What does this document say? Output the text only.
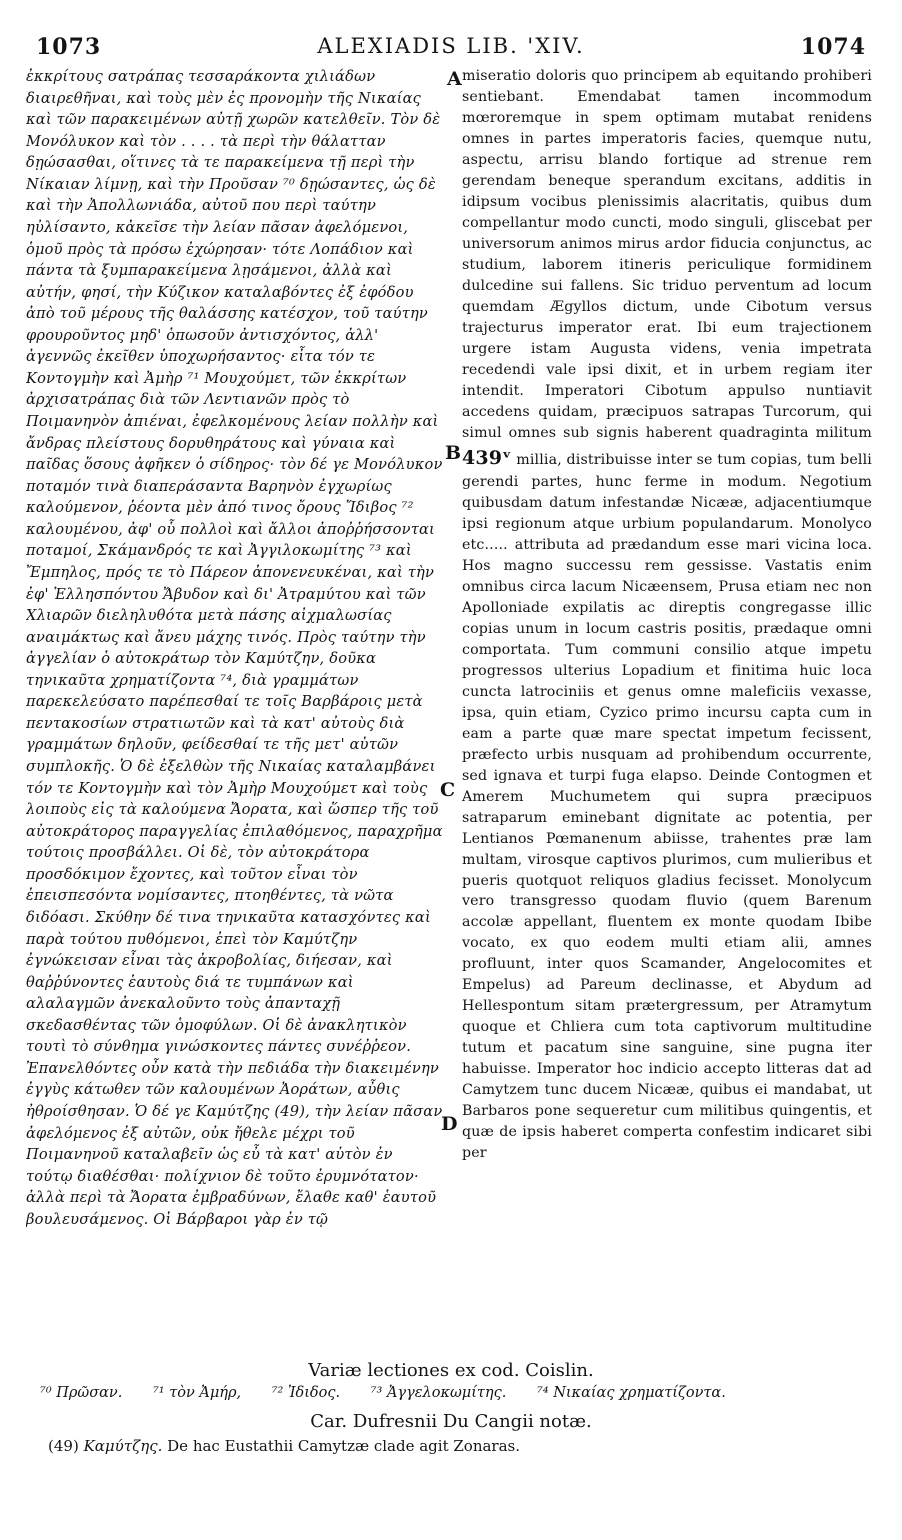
1073	ALEXIADIS LIB. 'XIV.	1074

ἐκκρίτους σατράπας τεσσαράκοντα χιλιάδων διαιρεθῆναι, καὶ τοὺς μὲν ἐς προνομὴν τῆς Νικαίας καὶ τῶν παρακειμένων αὐτῇ χωρῶν κατελθεῖν. Τὸν δὲ Μονόλυκον καὶ τὸν . . . . τὰ περὶ τὴν θάλατταν δῃώσασθαι, οἵτινες τὰ τε παρακείμενα τῇ περὶ τὴν Νίκαιαν λίμνῃ, καὶ τὴν Προῦσαν ⁷⁰ δῃώσαντες, ὡς δὲ καὶ τὴν Ἀπολλωνιάδα, αὐτοῦ που περὶ ταύτην ηὐλίσαντο, κἀκεῖσε τὴν λείαν πᾶσαν ἀφελόμενοι, ὁμοῦ πρὸς τὰ πρόσω ἐχώρησαν· τότε Λοπάδιον καὶ πάντα τὰ ξυμπαρακείμενα λῃσάμενοι, ἀλλὰ καὶ αὐτήν, φησί, τὴν Κύζικον καταλαβόντες ἐξ ἐφόδου ἀπὸ τοῦ μέρους τῆς θαλάσσης κατέσχον, τοῦ ταύτην φρουροῦντος μηδ' ὁπωσοῦν ἀντισχόντος, ἀλλ' ἀγεννῶς ἐκεῖθεν ὑποχωρήσαντος· εἶτα τόν τε Κοντογμὴν καὶ Ἀμὴρ ⁷¹ Μουχούμετ, τῶν ἐκκρίτων ἀρχισατράπας διὰ τῶν Λεντιανῶν πρὸς τὸ Ποιμανηνὸν ἀπιέναι, ἐφελκομένους λείαν πολλὴν καὶ ἄνδρας πλείστους δορυθηράτους καὶ γύναια καὶ παῖδας ὅσους ἀφῆκεν ὁ σίδηρος· τὸν δέ γε Μονόλυκον ποταμόν τινὰ διαπεράσαντα Βαρηνὸν ἐγχωρίως καλούμενον, ῥέοντα μὲν ἀπό τινος ὄρους Ἴδιβος ⁷² καλουμένου, ἀφ' οὗ πολλοὶ καὶ ἄλλοι ἀποῤῥήσσονται ποταμοί, Σκάμανδρός τε καὶ Ἀγγιλοκωμίτης ⁷³ καὶ Ἔμπηλος, πρός τε τὸ Πάρεον ἀπονενευκέναι, καὶ τὴν ἐφ' Ἑλλησπόντου Ἄβυδον καὶ δι' Ἀτραμύτου καὶ τῶν Χλιαρῶν διεληλυθότα μετὰ πάσης αἰχμαλωσίας αναιμάκτως καὶ ἄνευ μάχης τινός. Πρὸς ταύτην τὴν ἀγγελίαν ὁ αὐτοκράτωρ τὸν Καμύτζην, δοῦκα τηνικαῦτα χρηματίζοντα ⁷⁴, διὰ γραμμάτων παρεκελεύσατο παρέπεσθαί τε τοῖς Βαρβάροις μετὰ πεντακοσίων στρατιωτῶν καὶ τὰ κατ' αὐτοὺς διὰ γραμμάτων δηλοῦν, φείδεσθαί τε τῆς μετ' αὐτῶν συμπλοκῆς. Ὁ δὲ ἐξελθὼν τῆς Νικαίας καταλαμβάνει τόν τε Κοντογμὴν καὶ τὸν Ἀμὴρ Μουχούμετ καὶ τοὺς λοιποὺς εἰς τὰ καλούμενα Ἄορατα, καὶ ὥσπερ τῆς τοῦ αὐτοκράτορος παραγγελίας ἐπιλαθόμενος, παραχρῆμα τούτοις προσβάλλει. Οἱ δὲ, τὸν αὐτοκράτορα προσδόκιμον ἔχοντες, καὶ τοῦτον εἶναι τὸν ἐπεισπεσόντα νομίσαντες, πτοηθέντες, τὰ νῶτα διδόασι. Σκύθην δέ τινα τηνικαῦτα κατασχόντες καὶ παρὰ τούτου πυθόμενοι, ἐπεὶ τὸν Καμύτζην ἐγνώκεισαν εἶναι τὰς ἀκροβολίας, διήεσαν, καὶ θαῤῥύνοντες ἑαυτοὺς διά τε τυμπάνων καὶ αλαλαγμῶν ἀνεκαλοῦντο τοὺς ἀπανταχῇ σκεδασθέντας τῶν ὁμοφύλων. Οἱ δὲ ἀνακλητικὸν τουτὶ τὸ σύνθημα γινώσκοντες πάντες συνέῤῥεον. Ἐπανελθόντες οὖν κατὰ τὴν πεδιάδα τὴν διακειμένην ἐγγὺς κάτωθεν τῶν καλουμένων Ἀοράτων, αὖθις ἠθροίσθησαν. Ὁ δέ γε Καμύτζης (49), τὴν λείαν πᾶσαν ἀφελόμενος ἐξ αὐτῶν, οὐκ ἤθελε μέχρι τοῦ Ποιμανηνοῦ καταλαβεῖν ὡς εὖ τὰ κατ' αὐτὸν ἐν τούτῳ διαθέσθαι· πολίχνιον δὲ τοῦτο ἐρυμνότατον· ἀλλὰ περὶ τὰ Ἄορατα ἐμβραδύνων, ἔλαθε καθ' ἑαυτοῦ βουλευσάμενος. Οἱ Βάρβαροι γὰρ ἐν τῷ

A
B
C
D

miseratio doloris quo principem ab equitando prohiberi sentiebant. Emendabat tamen incommodum mœroremque in spem optimam mutabat renidens omnes in partes imperatoris facies, quemque nutu, aspectu, arrisu blando fortique ad strenue rem gerendam beneque sperandum excitans, additis in idipsum vocibus plenissimis alacritatis, quibus dum compellantur modo cuncti, modo singuli, gliscebat per universorum animos mirus ardor fiducia conjunctus, ac studium, laborem itineris periculique formidinem dulcedine sui fallens. Sic triduo perventum ad locum quemdam Ægyllos dictum, unde Cibotum versus trajecturus imperator erat. Ibi eum trajectionem urgere istam Augusta videns, venia impetrata recedendi vale ipsi dixit, et in urbem regiam iter intendit. Imperatori Cibotum appulso nuntiavit accedens quidam, præcipuos satrapas Turcorum, qui simul omnes sub signis haberent quadraginta militum 439ᵛ millia, distribuisse inter se tum copias, tum belli gerendi partes, hunc ferme in modum. Negotium quibusdam datum infestandæ Nicææ, adjacentiumque ipsi regionum atque urbium populandarum. Monolyco etc..... attributa ad prædandum esse mari vicina loca. Hos magno successu rem gessisse. Vastatis enim omnibus circa lacum Nicæensem, Prusa etiam nec non Apolloniade expilatis ac direptis congregasse illic copias unum in locum castris positis, prædaque omni comportata. Tum communi consilio atque impetu progressos ulterius Lopadium et finitima huic loca cuncta latrociniis et genus omne maleficiis vexasse, ipsa, quin etiam, Cyzico primo incursu capta cum in eam a parte quæ mare spectat impetum fecissent, præfecto urbis nusquam ad prohibendum occurrente, sed ignava et turpi fuga elapso. Deinde Contogmen et Amerem Muchumetem qui supra præcipuos satraparum eminebant dignitate ac potentia, per Lentianos Pœmanenum abiisse, trahentes præ lam multam, virosque captivos plurimos, cum mulieribus et pueris quotquot reliquos gladius fecisset. Monolycum vero transgresso quodam fluvio (quem Barenum accolæ appellant, fluentem ex monte quodam Ibibe vocato, ex quo eodem multi etiam alii, amnes profluunt, inter quos Scamander, Angelocomites et Empelus) ad Pareum declinasse, et Abydum ad Hellespontum sitam prætergressum, per Atramytum quoque et Chliera cum tota captivorum multitudine tutum et pacatum sine sanguine, sine pugna iter habuisse. Imperator hoc indicio accepto litteras dat ad Camytzem tunc ducem Nicææ, quibus ei mandabat, ut Barbaros pone sequeretur cum militibus quingentis, et quæ de ipsis haberet comperta confestim indicaret sibi per

Variæ lectiones ex cod. Coislin.
⁷⁰ Πρῶσαν. ⁷¹ τὸν Ἀμήρ, ⁷² Ἰδιδος. ⁷³ Ἀγγελοκωμίτης. ⁷⁴ Νικαίας χρηματίζοντα.
Car. Dufresnii Du Cangii notæ.
(49) Καμύτζης. De hac Eustathii Camytzæ clade agit Zonaras.
